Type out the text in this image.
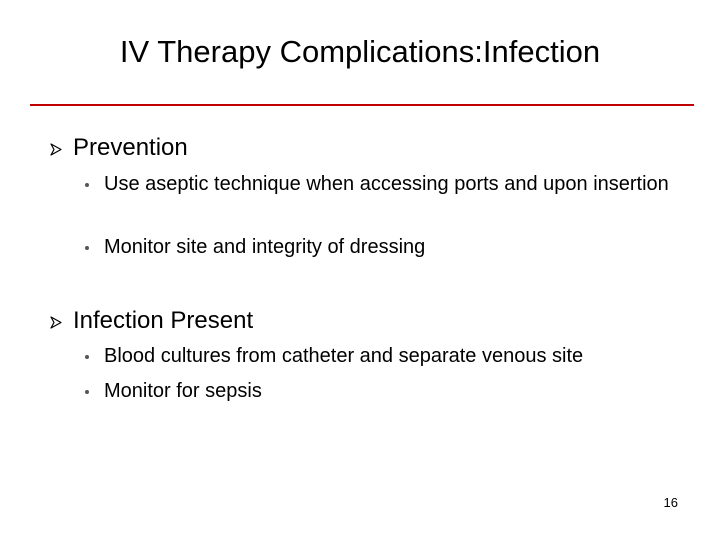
IV Therapy Complications:Infection
Prevention
Use aseptic technique when accessing ports and upon insertion
Monitor site and integrity of dressing
Infection Present
Blood cultures from catheter and separate venous site
Monitor for sepsis
16
